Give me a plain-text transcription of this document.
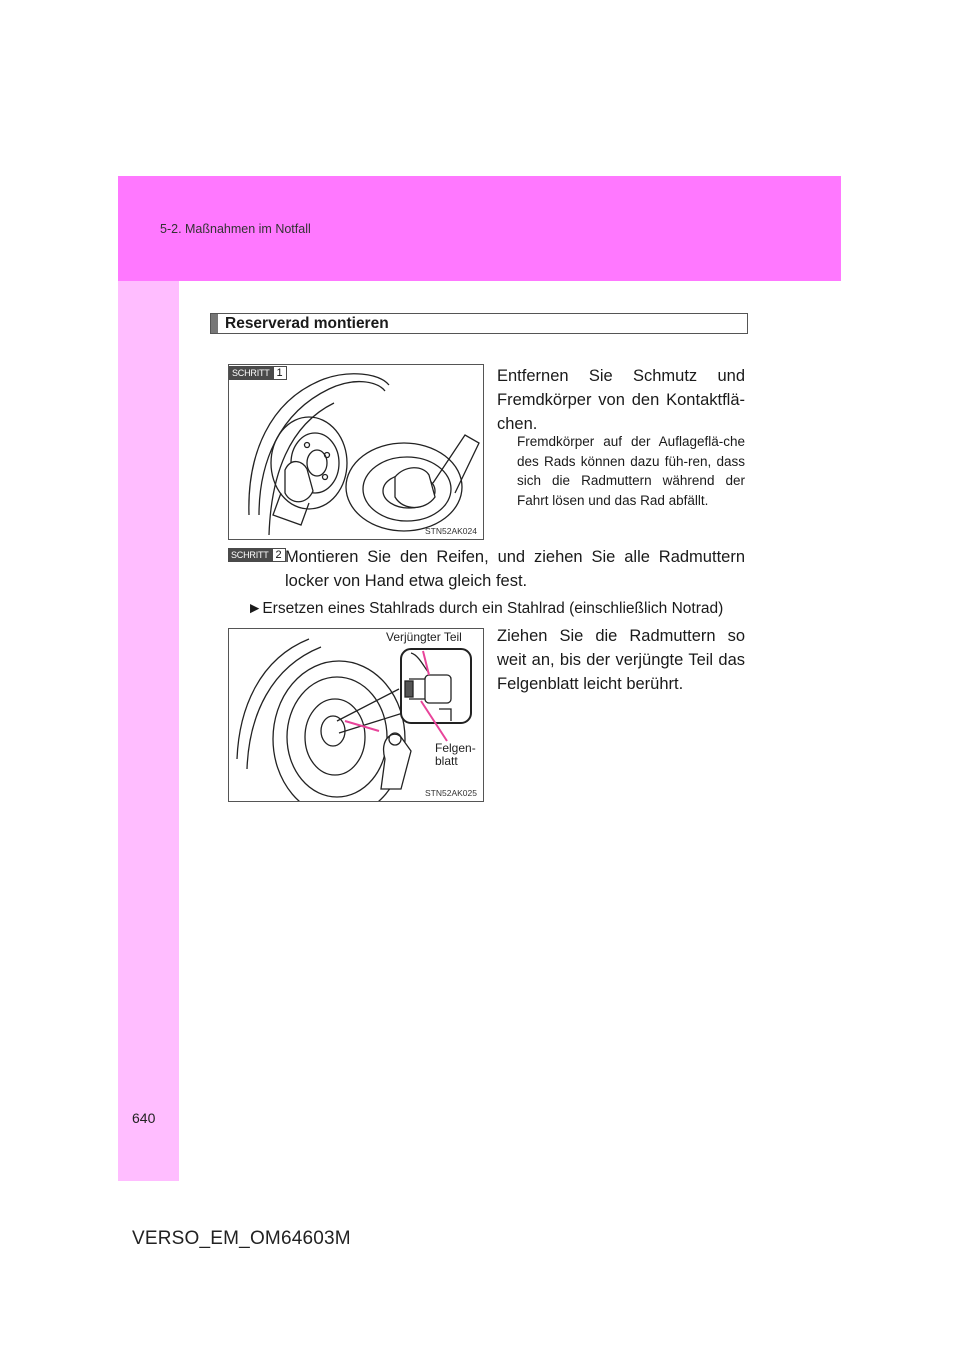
5-2. Maßnahmen im Notfall
640
VERSO_EM_OM64603M
Reserverad montieren
STN52AK024
SCHRITT 1	Entfernen Sie Schmutz und Fremdkörper von den Kontaktflä-chen.

Fremdkörper auf der Auflageflä-che des Rads können dazu füh-ren, dass sich die Radmuttern während der Fahrt lösen und das Rad abfällt.

SCHRITT 2 Montieren Sie den Reifen, und ziehen Sie alle Radmuttern locker von Hand etwa gleich fest.

►Ersetzen eines Stahlrads durch ein Stahlrad (einschließlich Notrad)

STN52AK025
Verjüngter Teil
Felgen-
blatt

Ziehen Sie die Radmuttern so weit an, bis der verjüngte Teil das Felgenblatt leicht berührt.
